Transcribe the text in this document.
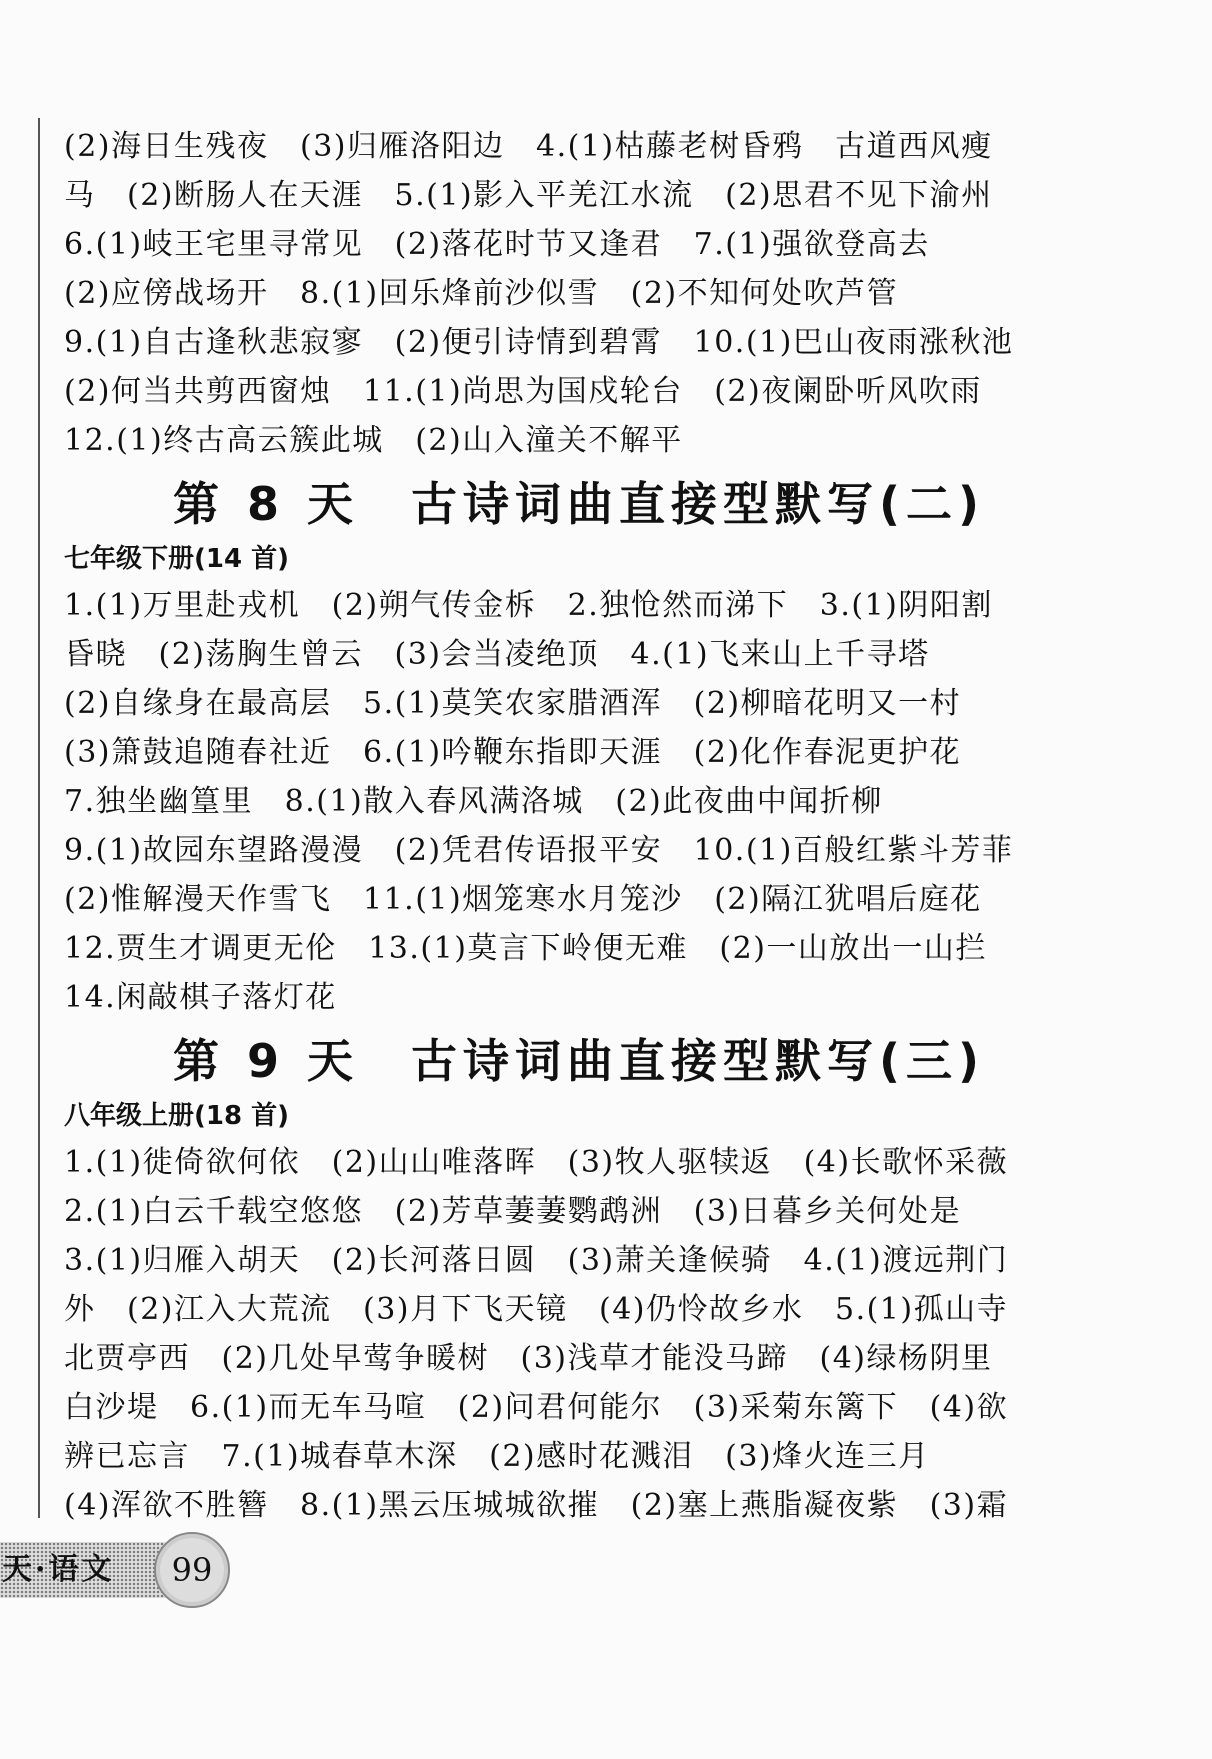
(2)海日生残夜　(3)归雁洛阳边　4.(1)枯藤老树昏鸦　古道西风瘦
马　(2)断肠人在天涯　5.(1)影入平羌江水流　(2)思君不见下渝州
6.(1)岐王宅里寻常见　(2)落花时节又逢君　7.(1)强欲登高去
(2)应傍战场开　8.(1)回乐烽前沙似雪　(2)不知何处吹芦管
9.(1)自古逢秋悲寂寥　(2)便引诗情到碧霄　10.(1)巴山夜雨涨秋池
(2)何当共剪西窗烛　11.(1)尚思为国戍轮台　(2)夜阑卧听风吹雨
12.(1)终古高云簇此城　(2)山入潼关不解平
第 8 天　古诗词曲直接型默写(二)
七年级下册(14 首)
1.(1)万里赴戎机　(2)朔气传金柝　2.独怆然而涕下　3.(1)阴阳割
昏晓　(2)荡胸生曾云　(3)会当凌绝顶　4.(1)飞来山上千寻塔
(2)自缘身在最高层　5.(1)莫笑农家腊酒浑　(2)柳暗花明又一村
(3)箫鼓追随春社近　6.(1)吟鞭东指即天涯　(2)化作春泥更护花
7.独坐幽篁里　8.(1)散入春风满洛城　(2)此夜曲中闻折柳
9.(1)故园东望路漫漫　(2)凭君传语报平安　10.(1)百般红紫斗芳菲
(2)惟解漫天作雪飞　11.(1)烟笼寒水月笼沙　(2)隔江犹唱后庭花
12.贾生才调更无伦　13.(1)莫言下岭便无难　(2)一山放出一山拦
14.闲敲棋子落灯花
第 9 天　古诗词曲直接型默写(三)
八年级上册(18 首)
1.(1)徙倚欲何依　(2)山山唯落晖　(3)牧人驱犊返　(4)长歌怀采薇
2.(1)白云千载空悠悠　(2)芳草萋萋鹦鹉洲　(3)日暮乡关何处是
3.(1)归雁入胡天　(2)长河落日圆　(3)萧关逢候骑　4.(1)渡远荆门
外　(2)江入大荒流　(3)月下飞天镜　(4)仍怜故乡水　5.(1)孤山寺
北贾亭西　(2)几处早莺争暖树　(3)浅草才能没马蹄　(4)绿杨阴里
白沙堤　6.(1)而无车马喧　(2)问君何能尔　(3)采菊东篱下　(4)欲
辨已忘言　7.(1)城春草木深　(2)感时花溅泪　(3)烽火连三月
(4)浑欲不胜簪　8.(1)黑云压城城欲摧　(2)塞上燕脂凝夜紫　(3)霜
天·语文	99
